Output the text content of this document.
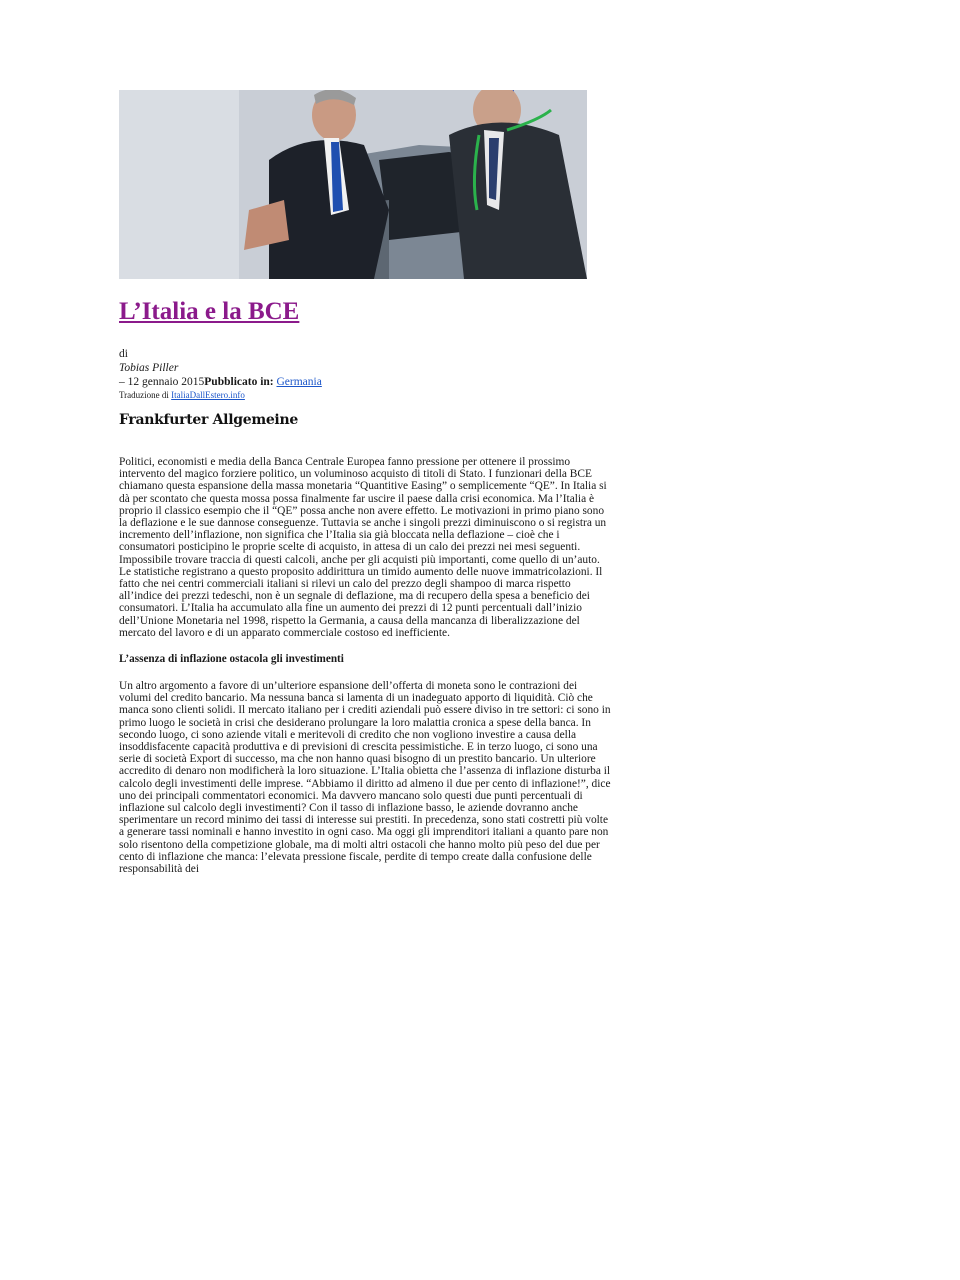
L’Italia e la BCE
di
Tobias Piller
– 12 gennaio 2015Pubblicato in: Germania
Traduzione di ItaliaDallEstero.info
Frankfurter Allgemeine

Politici, economisti e media della Banca Centrale Europea fanno pressione per ottenere il prossimo intervento del magico forziere politico, un voluminoso acquisto di titoli di Stato. I funzionari della BCE chiamano questa espansione della massa monetaria “Quantitive Easing” o semplicemente “QE”. In Italia si dà per scontato che questa mossa possa finalmente far uscire il paese dalla crisi economica. Ma l’Italia è proprio il classico esempio che il “QE” possa anche non avere effetto. Le motivazioni in primo piano sono la deflazione e le sue dannose conseguenze. Tuttavia se anche i singoli prezzi diminuiscono o si registra un incremento dell’inflazione, non significa che l’Italia sia già bloccata nella deflazione – cioè che i consumatori posticipino le proprie scelte di acquisto, in attesa di un calo dei prezzi nei mesi seguenti. Impossibile trovare traccia di questi calcoli, anche per gli acquisti più importanti, come quello di un’auto. Le statistiche registrano a questo proposito addirittura un timido aumento delle nuove immatricolazioni. Il fatto che nei centri commerciali italiani si rilevi un calo del prezzo degli shampoo di marca rispetto all’indice dei prezzi tedeschi, non è un segnale di deflazione, ma di recupero della spesa a beneficio dei consumatori. L’Italia ha accumulato alla fine un aumento dei prezzi di 12 punti percentuali dall’inizio dell’Unione Monetaria nel 1998, rispetto la Germania, a causa della mancanza di liberalizzazione del mercato del lavoro e di un apparato commerciale costoso ed inefficiente.
L’assenza di inflazione ostacola gli investimenti
Un altro argomento a favore di un’ulteriore espansione dell’offerta di moneta sono le contrazioni dei volumi del credito bancario. Ma nessuna banca si lamenta di un inadeguato apporto di liquidità. Ciò che manca sono clienti solidi. Il mercato italiano per i crediti aziendali può essere diviso in tre settori: ci sono in primo luogo le società in crisi che desiderano prolungare la loro malattia cronica a spese della banca. In secondo luogo, ci sono aziende vitali e meritevoli di credito che non vogliono investire a causa della insoddisfacente capacità produttiva e di previsioni di crescita pessimistiche. E in terzo luogo, ci sono una serie di società Export di successo, ma che non hanno quasi bisogno di un prestito bancario. Un ulteriore accredito di denaro non modificherà la loro situazione. L’Italia obietta che l’assenza di inflazione disturba il calcolo degli investimenti delle imprese. “Abbiamo il diritto ad almeno il due per cento di inflazione!”, dice uno dei principali commentatori economici. Ma davvero mancano solo questi due punti percentuali di inflazione sul calcolo degli investimenti? Con il tasso di inflazione basso, le aziende dovranno anche sperimentare un record minimo dei tassi di interesse sui prestiti. In precedenza, sono stati costretti più volte a generare tassi nominali e hanno investito in ogni caso. Ma oggi gli imprenditori italiani a quanto pare non solo risentono della competizione globale, ma di molti altri ostacoli che hanno molto più peso del due per cento di inflazione che manca: l’elevata pressione fiscale, perdite di tempo create dalla confusione delle responsabilità dei
